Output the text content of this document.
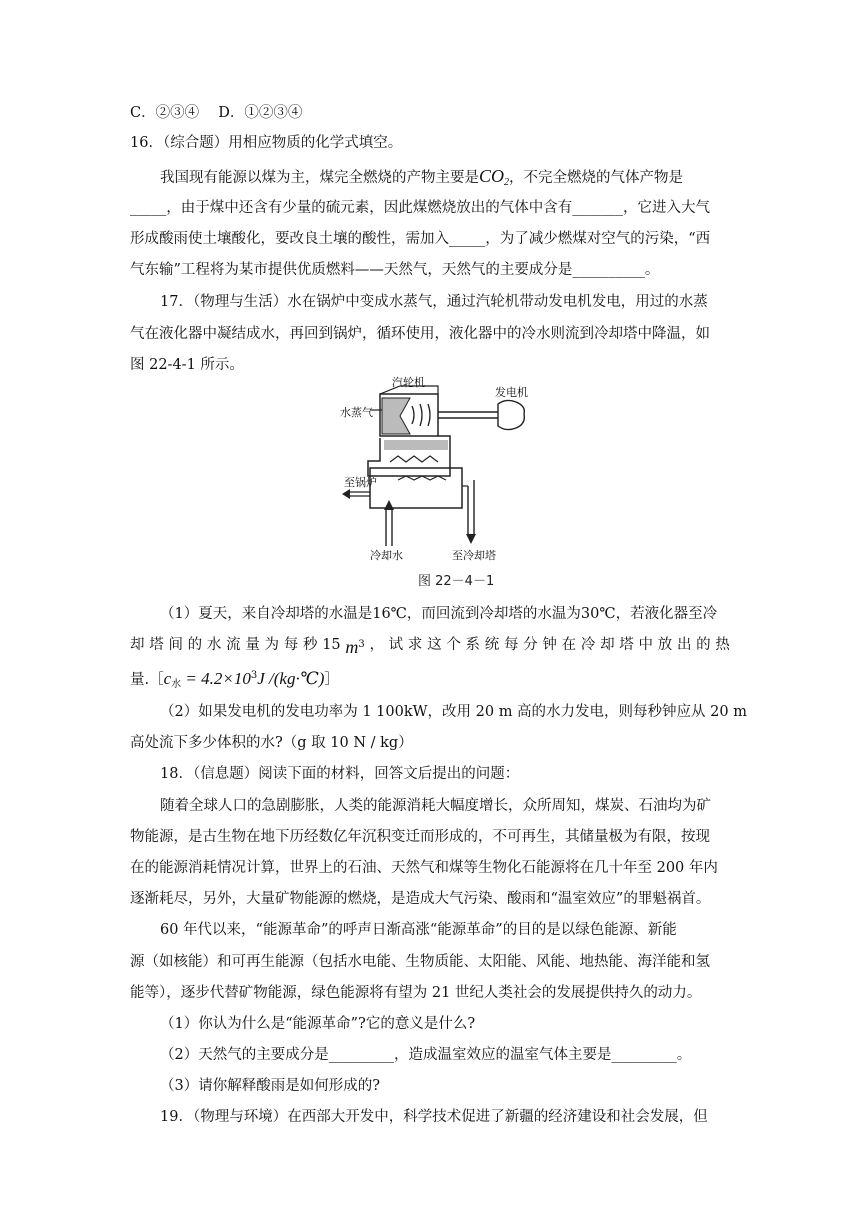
C．②③④　 D．①②③④
16．（综合题）用相应物质的化学式填空。
我国现有能源以煤为主，煤完全燃烧的产物主要是$CO_2$，不完全燃烧的气体产物是
_____，由于煤中还含有少量的硫元素，因此煤燃烧放出的气体中含有_______，它进入大气
形成酸雨使土壤酸化，要改良土壤的酸性，需加入_____，为了减少燃煤对空气的污染，“西
气东输”工程将为某市提供优质燃料——天然气，天然气的主要成分是__________。
17．（物理与生活）水在锅炉中变成水蒸气，通过汽轮机带动发电机发电，用过的水蒸
气在液化器中凝结成水，再回到锅炉，循环使用，液化器中的冷水则流到冷却塔中降温，如
图 22-4-1 所示。
汽轮机
发电机
水蒸气
至锅炉
冷却水	至冷却塔
图 22－4－1
（1）夏天，来自冷却塔的水温是16℃，而回流到冷却塔的水温为30℃，若液化器至冷
却 塔 间 的 水 流 量 为 每 秒 15 $m^3$ ， 试 求 这 个 系 统 每 分 钟 在 冷 却 塔 中 放 出 的 热
量$.[c_水 = 4.2\times 10^3J$ /(kg·℃)］
（2）如果发电机的发电功率为 1 100kW，改用 20 m 高的水力发电，则每秒钟应从 20 m
高处流下多少体积的水?（g 取 10 N / kg）
18．（信息题）阅读下面的材料，回答文后提出的问题：
随着全球人口的急剧膨胀，人类的能源消耗大幅度增长，众所周知，煤炭、石油均为矿
物能源，是古生物在地下历经数亿年沉积变迁而形成的，不可再生，其储量极为有限，按现
在的能源消耗情况计算，世界上的石油、天然气和煤等生物化石能源将在几十年至 200 年内
逐渐耗尽，另外，大量矿物能源的燃烧，是造成大气污染、酸雨和“温室效应”的罪魁祸首。
60 年代以来，“能源革命”的呼声日渐高涨“能源革命”的目的是以绿色能源、新能
源（如核能）和可再生能源（包括水电能、生物质能、太阳能、风能、地热能、海洋能和氢
能等），逐步代替矿物能源，绿色能源将有望为 21 世纪人类社会的发展提供持久的动力。
（1）你认为什么是“能源革命”?它的意义是什么?
（2）天然气的主要成分是_________，造成温室效应的温室气体主要是_________。
（3）请你解释酸雨是如何形成的?
19．（物理与环境）在西部大开发中，科学技术促进了新疆的经济建设和社会发展，但
